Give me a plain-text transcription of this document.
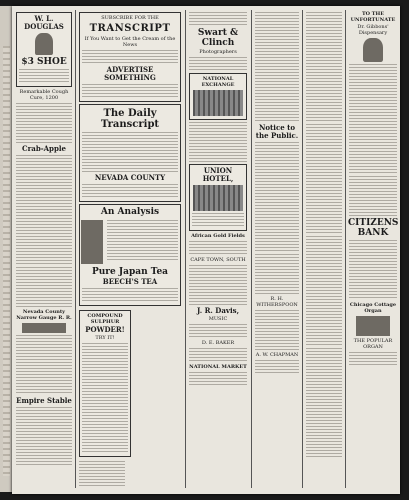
W. L. DOUGLAS
$3 SHOE
Remarkable Cough Cure, 1200
Crab-Apple
Nevada County Narrow Gauge R. R.
Empire Stable
SUBSCRIBE FOR THE
TRANSCRIPT
If You Want to Get the Cream of the News
ADVERTISE SOMETHING
The Daily Transcript
NEVADA COUNTY
An Analysis
Pure Japan Tea
BEECH'S TEA
COMPOUND SULPHUR
POWDER!
TRY IT!

Swart & Clinch
Photographers
NATIONAL EXCHANGE
UNION HOTEL,
African Gold Fields
CAPE TOWN, SOUTH
J. R. Davis,
MUSIC
D. E. BAKER
NATIONAL MARKET
Notice to the Public.
R. H. WITHERSPOON
A. W. CHAPMAN
TO THE UNFORTUNATE
Dr. Gibbons' Dispensary
CITIZENS BANK
Chicago Cottage Organ
THE POPULAR ORGAN
